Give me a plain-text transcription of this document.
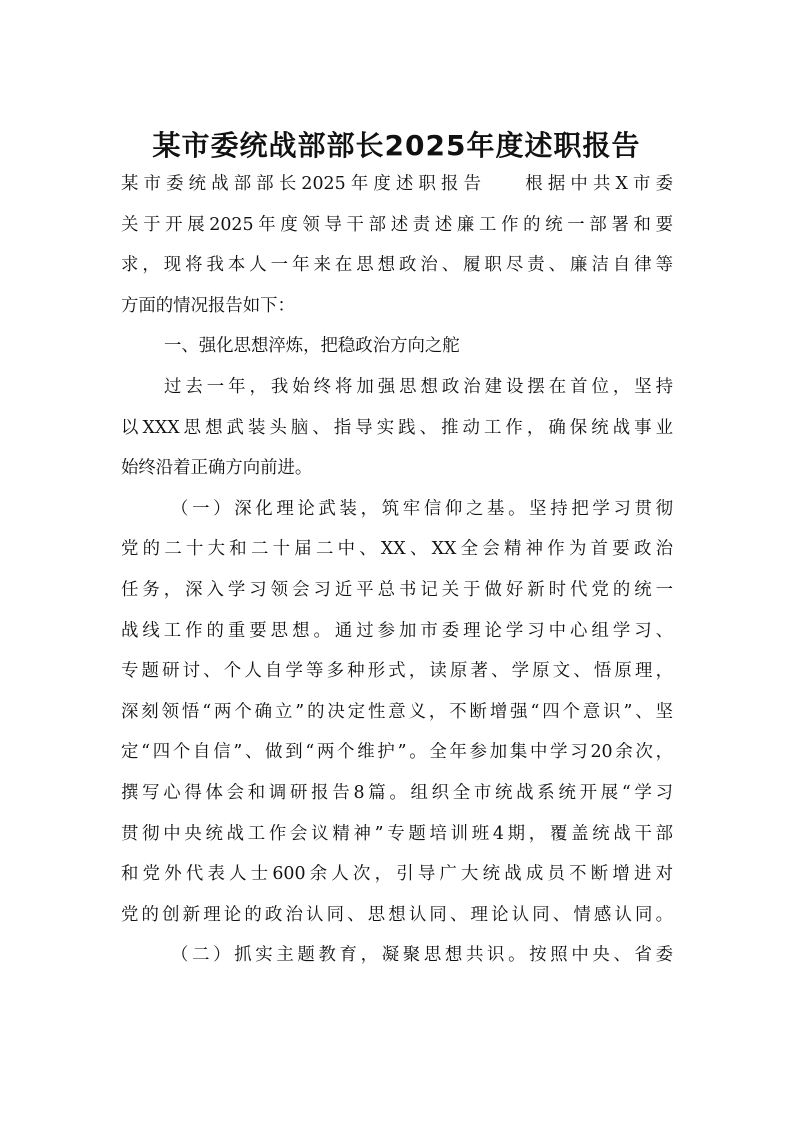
某市委统战部部长2025年度述职报告
某市委统战部部长2025年度述职报告 根据中共X市委
关于开展2025年度领导干部述责述廉工作的统一部署和要
求，现将我本人一年来在思想政治、履职尽责、廉洁自律等
方面的情况报告如下：
一、强化思想淬炼，把稳政治方向之舵
过去一年，我始终将加强思想政治建设摆在首位，坚持
以XXX思想武装头脑、指导实践、推动工作，确保统战事业
始终沿着正确方向前进。
（一）深化理论武装，筑牢信仰之基。坚持把学习贯彻
党的二十大和二十届二中、XX、XX全会精神作为首要政治
任务，深入学习领会习近平总书记关于做好新时代党的统一
战线工作的重要思想。通过参加市委理论学习中心组学习、
专题研讨、个人自学等多种形式，读原著、学原文、悟原理，
深刻领悟“两个确立”的决定性意义，不断增强“四个意识”、坚
定“四个自信”、做到“两个维护”。全年参加集中学习20余次，
撰写心得体会和调研报告8篇。组织全市统战系统开展“学习
贯彻中央统战工作会议精神”专题培训班4期，覆盖统战干部
和党外代表人士600余人次，引导广大统战成员不断增进对
党的创新理论的政治认同、思想认同、理论认同、情感认同。
（二）抓实主题教育，凝聚思想共识。按照中央、省委
